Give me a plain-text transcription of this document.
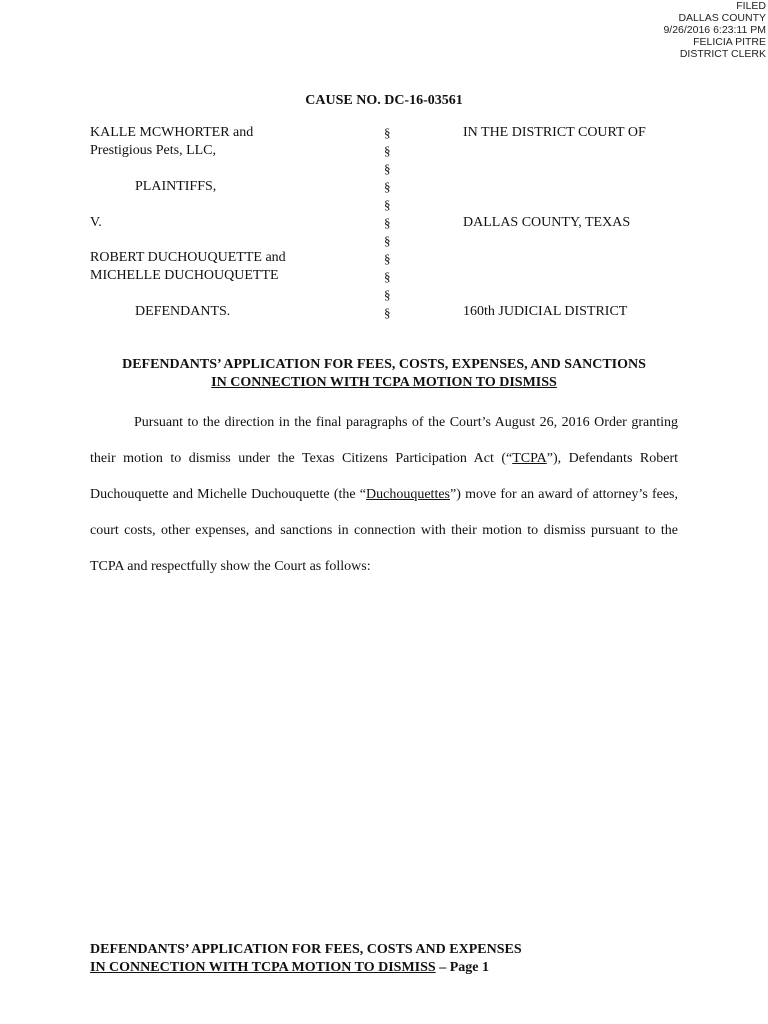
FILED
DALLAS COUNTY
9/26/2016 6:23:11 PM
FELICIA PITRE
DISTRICT CLERK
CAUSE NO. DC-16-03561
KALLE MCWHORTER and
Prestigious Pets, LLC,
PLAINTIFFS,
V.
ROBERT DUCHOUQUETTE and
MICHELLE DUCHOUQUETTE
DEFENDANTS.
§
§
§
§
§
§
§
§
§
§
§
IN THE DISTRICT COURT OF
DALLAS COUNTY, TEXAS
160th JUDICIAL DISTRICT
DEFENDANTS’ APPLICATION FOR FEES, COSTS, EXPENSES, AND SANCTIONS
IN CONNECTION WITH TCPA MOTION TO DISMISS

Pursuant to the direction in the final paragraphs of the Court’s August 26, 2016 Order granting their motion to dismiss under the Texas Citizens Participation Act (“TCPA”), Defendants Robert Duchouquette and Michelle Duchouquette (the “Duchouquettes”) move for an award of attorney’s fees, court costs, other expenses, and sanctions in connection with their motion to dismiss pursuant to the TCPA and respectfully show the Court as follows:

DEFENDANTS’ APPLICATION FOR FEES, COSTS AND EXPENSES
IN CONNECTION WITH TCPA MOTION TO DISMISS – Page 1
